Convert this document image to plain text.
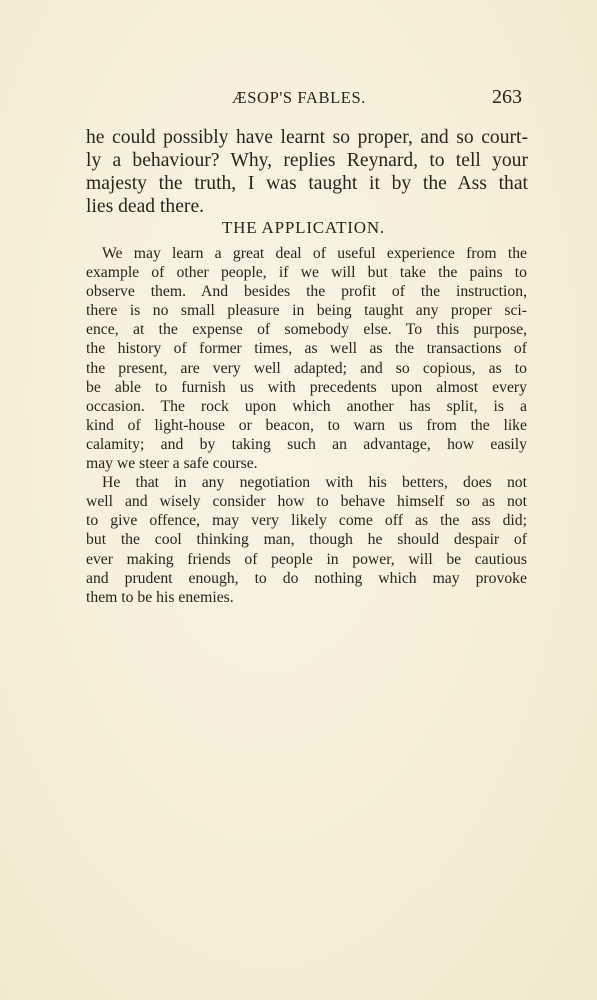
ÆSOP'S FABLES.	263
he could possibly have learnt so proper, and so court-
ly a behaviour? Why, replies Reynard, to tell your
majesty the truth, I was taught it by the Ass that
lies dead there.
THE APPLICATION.
We may learn a great deal of useful experience from the
example of other people, if we will but take the pains to
observe them. And besides the profit of the instruction,
there is no small pleasure in being taught any proper sci-
ence, at the expense of somebody else. To this purpose,
the history of former times, as well as the transactions of
the present, are very well adapted; and so copious, as to
be able to furnish us with precedents upon almost every
occasion. The rock upon which another has split, is a
kind of light-house or beacon, to warn us from the like
calamity; and by taking such an advantage, how easily
may we steer a safe course.
He that in any negotiation with his betters, does not
well and wisely consider how to behave himself so as not
to give offence, may very likely come off as the ass did;
but the cool thinking man, though he should despair of
ever making friends of people in power, will be cautious
and prudent enough, to do nothing which may provoke
them to be his enemies.
